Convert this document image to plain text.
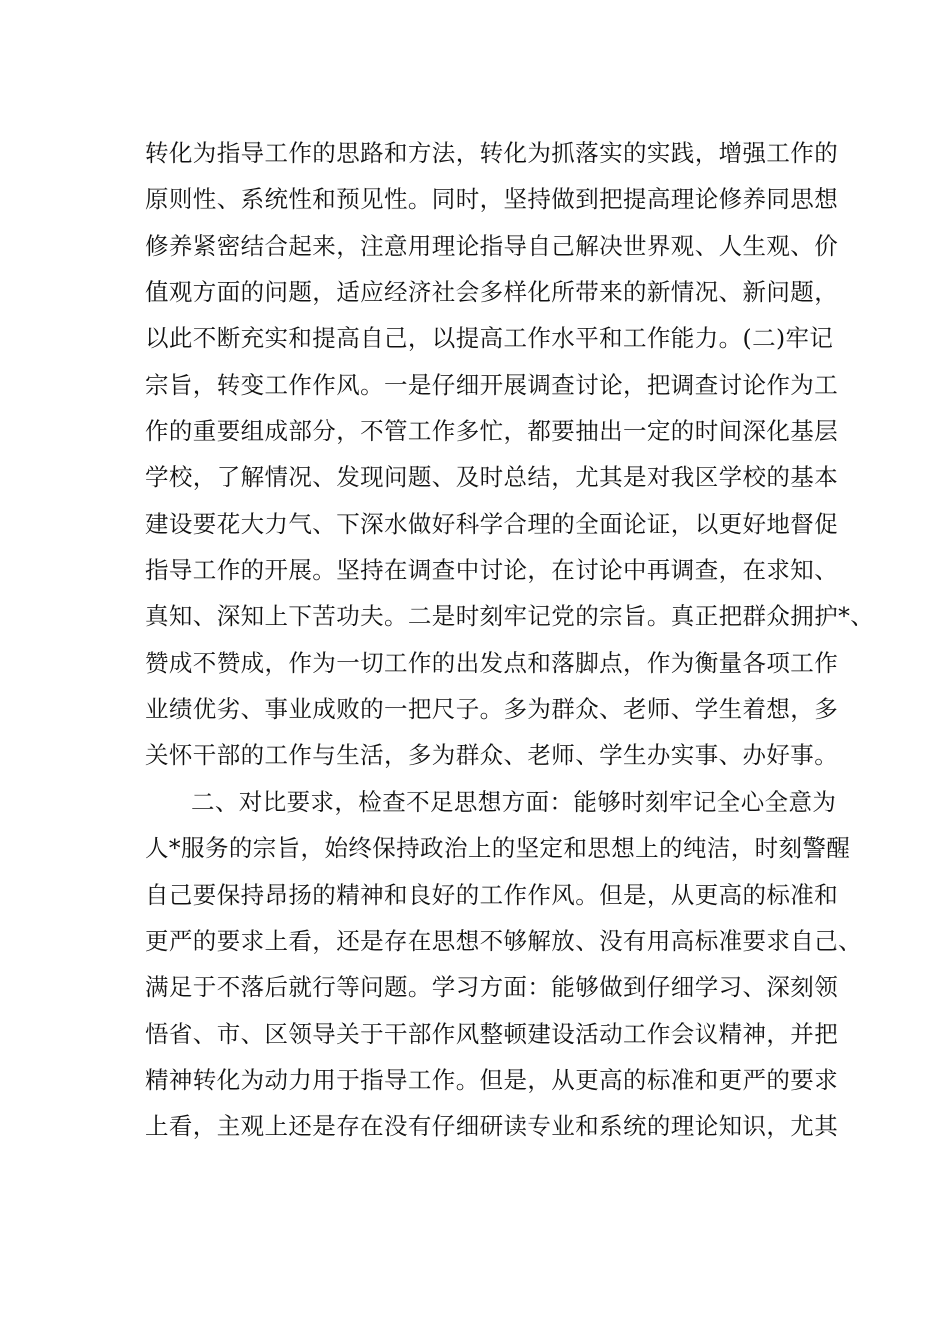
转化为指导工作的思路和方法，转化为抓落实的实践，增强工作的
原则性、系统性和预见性。同时，坚持做到把提高理论修养同思想
修养紧密结合起来，注意用理论指导自己解决世界观、人生观、价
值观方面的问题，适应经济社会多样化所带来的新情况、新问题，
以此不断充实和提高自己，以提高工作水平和工作能力。(二)牢记
宗旨，转变工作作风。一是仔细开展调查讨论，把调查讨论作为工
作的重要组成部分，不管工作多忙，都要抽出一定的时间深化基层
学校，了解情况、发现问题、及时总结，尤其是对我区学校的基本
建设要花大力气、下深水做好科学合理的全面论证，以更好地督促
指导工作的开展。坚持在调查中讨论，在讨论中再调查，在求知、
真知、深知上下苦功夫。二是时刻牢记党的宗旨。真正把群众拥护*、
赞成不赞成，作为一切工作的出发点和落脚点，作为衡量各项工作
业绩优劣、事业成败的一把尺子。多为群众、老师、学生着想，多
关怀干部的工作与生活，多为群众、老师、学生办实事、办好事。
二、对比要求，检查不足思想方面：能够时刻牢记全心全意为
人*服务的宗旨，始终保持政治上的坚定和思想上的纯洁，时刻警醒
自己要保持昂扬的精神和良好的工作作风。但是，从更高的标准和
更严的要求上看，还是存在思想不够解放、没有用高标准要求自己、
满足于不落后就行等问题。学习方面：能够做到仔细学习、深刻领
悟省、市、区领导关于干部作风整顿建设活动工作会议精神，并把
精神转化为动力用于指导工作。但是，从更高的标准和更严的要求
上看，主观上还是存在没有仔细研读专业和系统的理论知识，尤其
